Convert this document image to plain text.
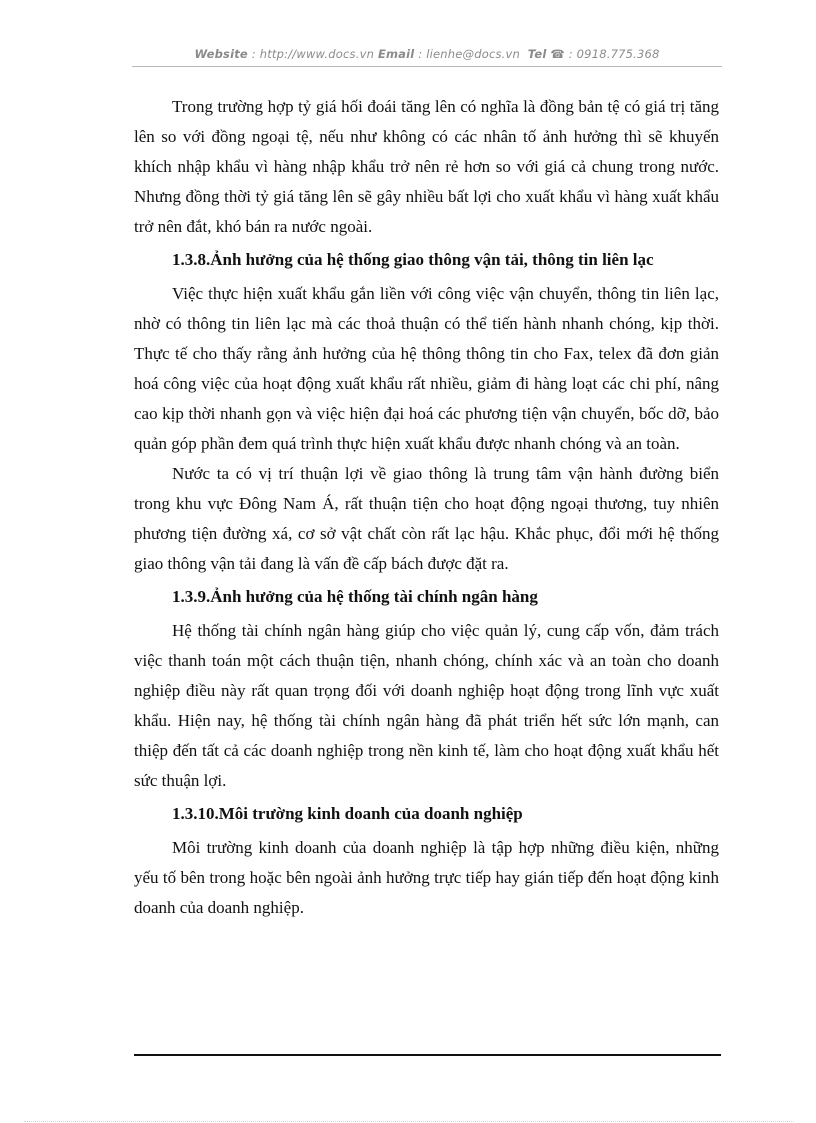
Website : http://www.docs.vn Email : lienhe@docs.vn Tel ☎ : 0918.775.368

Trong trường hợp tỷ giá hối đoái tăng lên có nghĩa là đồng bản tệ có giá trị tăng lên so với đồng ngoại tệ, nếu như không có các nhân tố ảnh hưởng thì sẽ khuyến khích nhập khẩu vì hàng nhập khẩu trở nên rẻ hơn so với giá cả chung trong nước. Nhưng đồng thời tỷ giá tăng lên sẽ gây nhiều bất lợi cho xuất khẩu vì hàng xuất khẩu trở nên đắt, khó bán ra nước ngoài.

1.3.8.Ảnh hưởng của hệ thống giao thông vận tải, thông tin liên lạc

Việc thực hiện xuất khẩu gắn liền với công việc vận chuyển, thông tin liên lạc, nhờ có thông tin liên lạc mà các thoả thuận có thể tiến hành nhanh chóng, kịp thời. Thực tế cho thấy rằng ảnh hưởng của hệ thông thông tin cho Fax, telex đã đơn giản hoá công việc của hoạt động xuất khẩu rất nhiều, giảm đi hàng loạt các chi phí, nâng cao kịp thời nhanh gọn và việc hiện đại hoá các phương tiện vận chuyển, bốc dỡ, bảo quản góp phần đem quá trình thực hiện xuất khẩu được nhanh chóng và an toàn.

Nước ta có vị trí thuận lợi về giao thông là trung tâm vận hành đường biển trong khu vực Đông Nam Á, rất thuận tiện cho hoạt động ngoại thương, tuy nhiên phương tiện đường xá, cơ sở vật chất còn rất lạc hậu. Khắc phục, đổi mới hệ thống giao thông vận tải đang là vấn đề cấp bách được đặt ra.

1.3.9.Ảnh hưởng của hệ thống tài chính ngân hàng

Hệ thống tài chính ngân hàng giúp cho việc quản lý, cung cấp vốn, đảm trách việc thanh toán một cách thuận tiện, nhanh chóng, chính xác và an toàn cho doanh nghiệp điều này rất quan trọng đối với doanh nghiệp hoạt động trong lĩnh vực xuất khẩu. Hiện nay, hệ thống tài chính ngân hàng đã phát triển hết sức lớn mạnh, can thiệp đến tất cả các doanh nghiệp trong nền kinh tế, làm cho hoạt động xuất khẩu hết sức thuận lợi.

1.3.10.Môi trường kinh doanh của doanh nghiệp

Môi trường kinh doanh của doanh nghiệp là tập hợp những điều kiện, những yếu tố bên trong hoặc bên ngoài ảnh hưởng trực tiếp hay gián tiếp đến hoạt động kinh doanh của doanh nghiệp.
